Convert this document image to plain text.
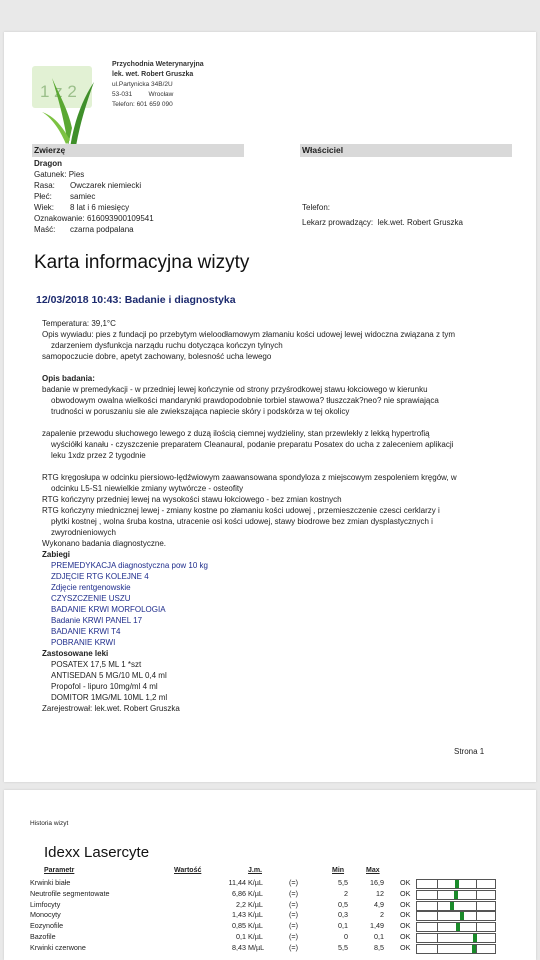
1 z 2
Przychodnia Weterynaryjna
lek. wet. Robert Gruszka
ul.Partynicka 34B/2U
53-031	Wrocław
Telefon: 601 659 090
Zwierzę	Właściciel
Dragon
Gatunek: Pies
Rasa: Owczarek niemiecki
Płeć: samiec
Wiek: 8 lat i 6 miesięcy
Oznakowanie: 616093900109541
Maść: czarna podpalana
Telefon:
Lekarz prowadzący: lek.wet. Robert Gruszka
Karta informacyjna wizyty
12/03/2018 10:43: Badanie i diagnostyka
Temperatura: 39,1°C
Opis wywiadu: pies z fundacji po przebytym wieloodłamowym złamaniu kości udowej lewej widoczna związana z tym
zdarzeniem dysfunkcja narządu ruchu dotycząca kończyn tylnych
samopoczucie dobre, apetyt zachowany, bolesność ucha lewego
Opis badania:
badanie w premedykacji - w przedniej lewej kończynie od strony przyśrodkowej stawu łokciowego w kierunku
obwodowym owalna wielkości mandarynki prawdopodobnie torbiel stawowa? tłuszczak?neo? nie sprawiająca
trudności w poruszaniu sie ale zwiekszająca napiecie skóry i podskórza w tej okolicy
zapalenie przewodu słuchowego lewego z duzą ilością ciemnej wydzieliny, stan przewlekły z lekką hypertrofią
wyściółki kanału - czyszczenie preparatem Cleanaural, podanie preparatu Posatex do ucha z zaleceniem aplikacji
leku 1xdz przez 2 tygodnie
RTG kręgosłupa w odcinku piersiowo-lędźwiowym zaawansowana spondyloza z miejscowym zespoleniem kręgów, w
odcinku L5-S1 niewielkie zmiany wytwórcze - osteofity
RTG kończyny przedniej lewej na wysokości stawu łokciowego - bez zmian kostnych
RTG kończyny miednicznej lewej - zmiany kostne po złamaniu kości udowej , przemieszczenie czesci cerklarzy i
płytki kostnej , wolna śruba kostna, utracenie osi kości udowej, stawy biodrowe bez zmian dysplastycznych i
zwyrodnieniowych
Wykonano badania diagnostyczne.
Zabiegi
PREMEDYKACJA diagnostyczna pow 10 kg
ZDJĘCIE RTG KOLEJNE 4
Zdjęcie rentgenowskie
CZYSZCZENIE USZU
BADANIE KRWI MORFOLOGIA
Badanie KRWI PANEL 17
BADANIE KRWI T4
POBRANIE KRWI
Zastosowane leki
POSATEX 17,5 ML 1 *szt
ANTISEDAN 5 MG/10 ML 0,4 ml
Propofol - lipuro 10mg/ml 4 ml
DOMITOR 1MG/ML 10ML 1,2 ml
Zarejestrował: lek.wet. Robert Gruszka
Strona 1
Historia wizyt
Idexx Lasercyte
Parametr	Wartość	J.m.	Min	Max
Krwinki białe	11,44 K/µL	(=)	5,5	16,9 OK
Neutrofile segmentowate	6,86 K/µL	(=)	2	12 OK
Limfocyty	2,2 K/µL	(=)	0,5	4,9 OK
Monocyty	1,43 K/µL	(=)	0,3	2 OK
Eozynofile	0,85 K/µL	(=)	0,1	1,49 OK
Bazofile	0,1 K/µL	(=)	0	0,1 OK
Krwinki czerwone	8,43 M/µL	(=)	5,5	8,5 OK
